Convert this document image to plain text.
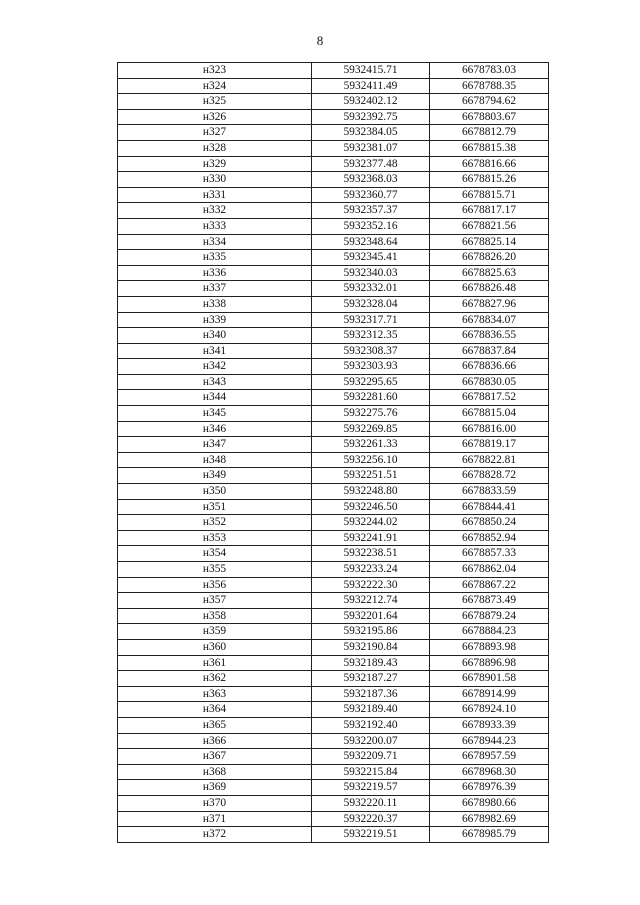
8
н323	5932415.71	6678783.03
н324	5932411.49	6678788.35
н325	5932402.12	6678794.62
н326	5932392.75	6678803.67
н327	5932384.05	6678812.79
н328	5932381.07	6678815.38
н329	5932377.48	6678816.66
н330	5932368.03	6678815.26
н331	5932360.77	6678815.71
н332	5932357.37	6678817.17
н333	5932352.16	6678821.56
н334	5932348.64	6678825.14
н335	5932345.41	6678826.20
н336	5932340.03	6678825.63
н337	5932332.01	6678826.48
н338	5932328.04	6678827.96
н339	5932317.71	6678834.07
н340	5932312.35	6678836.55
н341	5932308.37	6678837.84
н342	5932303.93	6678836.66
н343	5932295.65	6678830.05
н344	5932281.60	6678817.52
н345	5932275.76	6678815.04
н346	5932269.85	6678816.00
н347	5932261.33	6678819.17
н348	5932256.10	6678822.81
н349	5932251.51	6678828.72
н350	5932248.80	6678833.59
н351	5932246.50	6678844.41
н352	5932244.02	6678850.24
н353	5932241.91	6678852.94
н354	5932238.51	6678857.33
н355	5932233.24	6678862.04
н356	5932222.30	6678867.22
н357	5932212.74	6678873.49
н358	5932201.64	6678879.24
н359	5932195.86	6678884.23
н360	5932190.84	6678893.98
н361	5932189.43	6678896.98
н362	5932187.27	6678901.58
н363	5932187.36	6678914.99
н364	5932189.40	6678924.10
н365	5932192.40	6678933.39
н366	5932200.07	6678944.23
н367	5932209.71	6678957.59
н368	5932215.84	6678968.30
н369	5932219.57	6678976.39
н370	5932220.11	6678980.66
н371	5932220.37	6678982.69
н372	5932219.51	6678985.79
